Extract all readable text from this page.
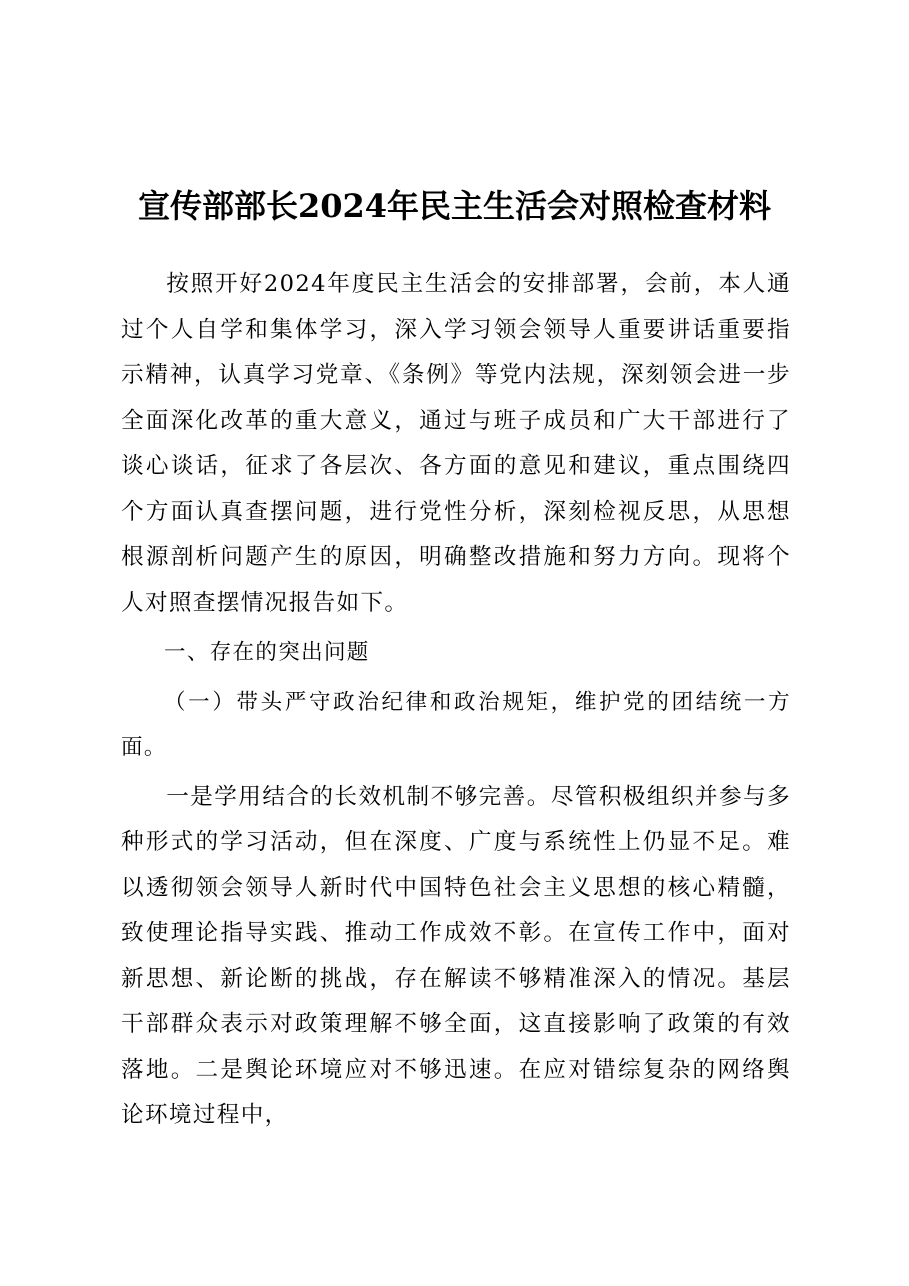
宣传部部长2024年民主生活会对照检查材料

按照开好2024年度民主生活会的安排部署，会前，本人通过个人自学和集体学习，深入学习领会领导人重要讲话重要指示精神，认真学习党章、《条例》等党内法规，深刻领会进一步全面深化改革的重大意义，通过与班子成员和广大干部进行了谈心谈话，征求了各层次、各方面的意见和建议，重点围绕四个方面认真查摆问题，进行党性分析，深刻检视反思，从思想根源剖析问题产生的原因，明确整改措施和努力方向。现将个人对照查摆情况报告如下。

一、存在的突出问题

（一）带头严守政治纪律和政治规矩，维护党的团结统一方面。

一是学用结合的长效机制不够完善。尽管积极组织并参与多种形式的学习活动，但在深度、广度与系统性上仍显不足。难以透彻领会领导人新时代中国特色社会主义思想的核心精髓，致使理论指导实践、推动工作成效不彰。在宣传工作中，面对新思想、新论断的挑战，存在解读不够精准深入的情况。基层干部群众表示对政策理解不够全面，这直接影响了政策的有效落地。二是舆论环境应对不够迅速。在应对错综复杂的网络舆论环境过程中，
